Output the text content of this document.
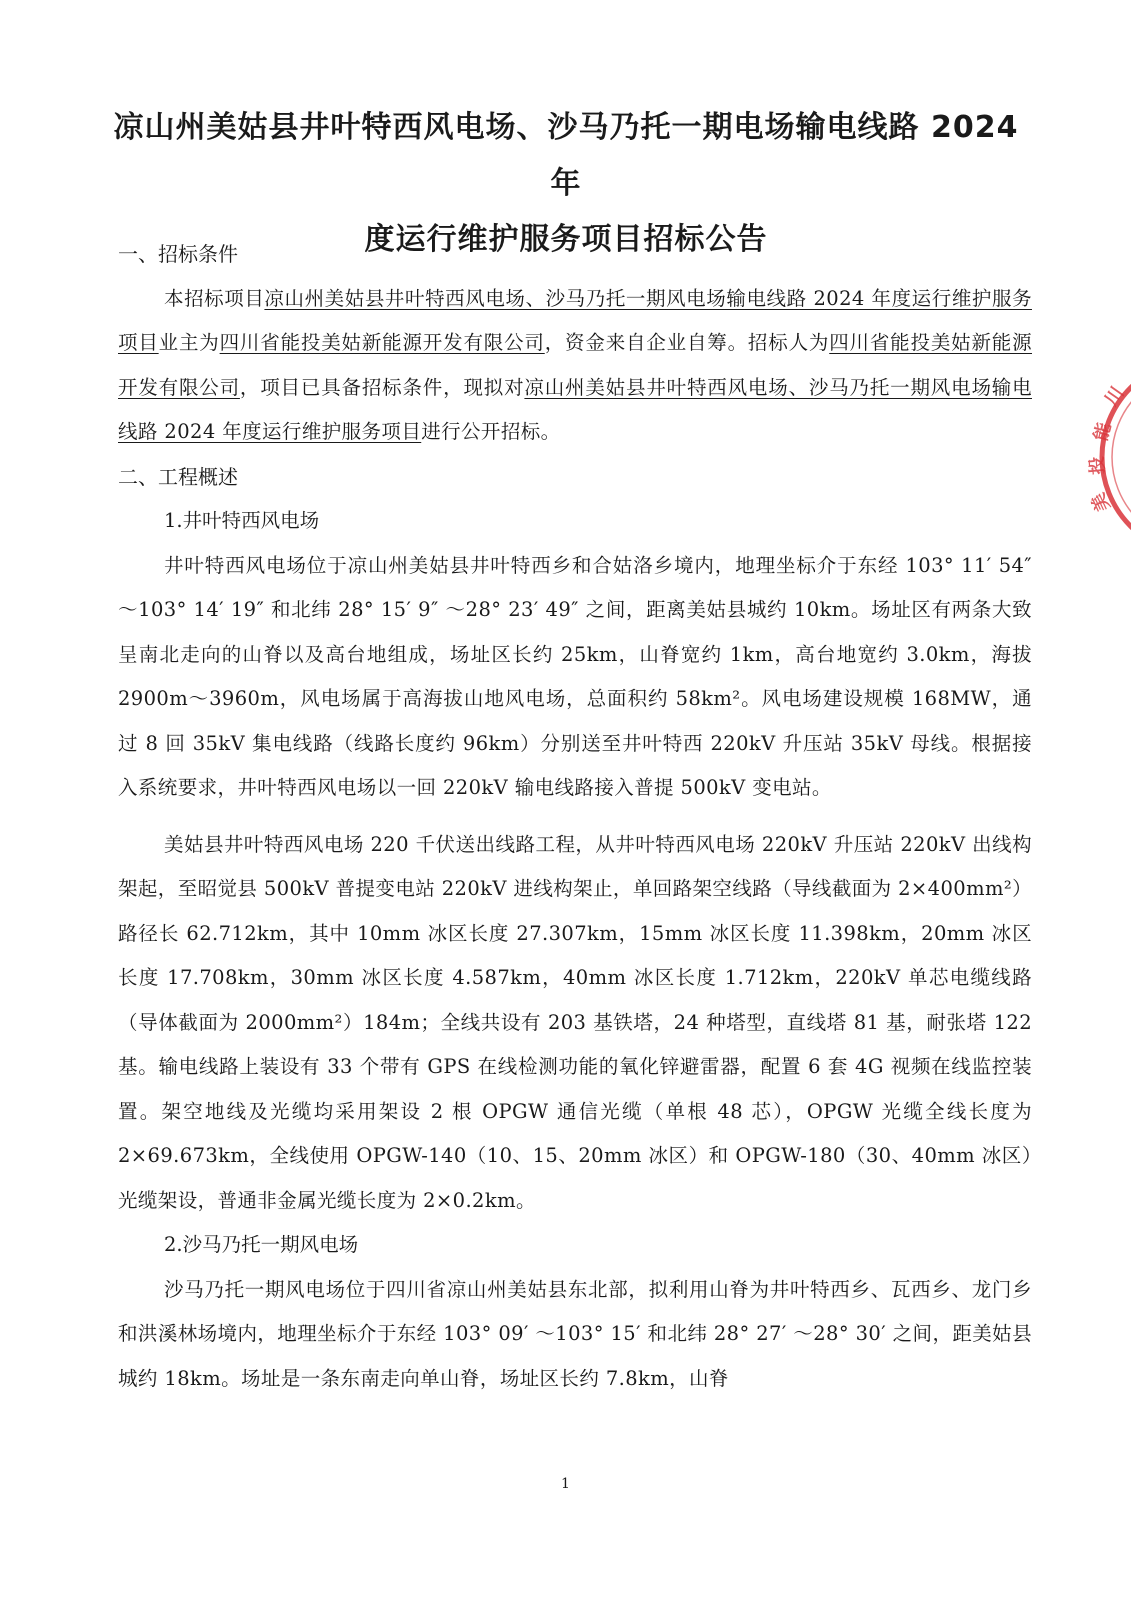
凉山州美姑县井叶特西风电场、沙马乃托一期电场输电线路 2024 年
度运行维护服务项目招标公告

一、招标条件

本招标项目凉山州美姑县井叶特西风电场、沙马乃托一期风电场输电线路 2024 年度运行维护服务项目业主为四川省能投美姑新能源开发有限公司，资金来自企业自筹。招标人为四川省能投美姑新能源开发有限公司，项目已具备招标条件，现拟对凉山州美姑县井叶特西风电场、沙马乃托一期风电场输电线路 2024 年度运行维护服务项目进行公开招标。

二、工程概述

1.井叶特西风电场

井叶特西风电场位于凉山州美姑县井叶特西乡和合姑洛乡境内，地理坐标介于东经 103° 11′ 54″ ～103° 14′ 19″ 和北纬 28° 15′ 9″ ～28° 23′ 49″ 之间，距离美姑县城约 10km。场址区有两条大致呈南北走向的山脊以及高台地组成，场址区长约 25km，山脊宽约 1km，高台地宽约 3.0km，海拔 2900m～3960m，风电场属于高海拔山地风电场，总面积约 58km²。风电场建设规模 168MW，通过 8 回 35kV 集电线路（线路长度约 96km）分别送至井叶特西 220kV 升压站 35kV 母线。根据接入系统要求，井叶特西风电场以一回 220kV 输电线路接入普提 500kV 变电站。

美姑县井叶特西风电场 220 千伏送出线路工程，从井叶特西风电场 220kV 升压站 220kV 出线构架起，至昭觉县 500kV 普提变电站 220kV 进线构架止，单回路架空线路（导线截面为 2×400mm²）路径长 62.712km，其中 10mm 冰区长度 27.307km，15mm 冰区长度 11.398km，20mm 冰区长度 17.708km，30mm 冰区长度 4.587km，40mm 冰区长度 1.712km，220kV 单芯电缆线路（导体截面为 2000mm²）184m；全线共设有 203 基铁塔，24 种塔型，直线塔 81 基，耐张塔 122 基。输电线路上装设有 33 个带有 GPS 在线检测功能的氧化锌避雷器，配置 6 套 4G 视频在线监控装置。架空地线及光缆均采用架设 2 根 OPGW 通信光缆（单根 48 芯），OPGW 光缆全线长度为 2×69.673km，全线使用 OPGW-140（10、15、20mm 冰区）和 OPGW-180（30、40mm 冰区）光缆架设，普通非金属光缆长度为 2×0.2km。

2.沙马乃托一期风电场

沙马乃托一期风电场位于四川省凉山州美姑县东北部，拟利用山脊为井叶特西乡、瓦西乡、龙门乡和洪溪林场境内，地理坐标介于东经 103° 09′ ～103° 15′ 和北纬 28° 27′ ～28° 30′ 之间，距美姑县城约 18km。场址是一条东南走向单山脊，场址区长约 7.8km，山脊

川
能
投
美
1
